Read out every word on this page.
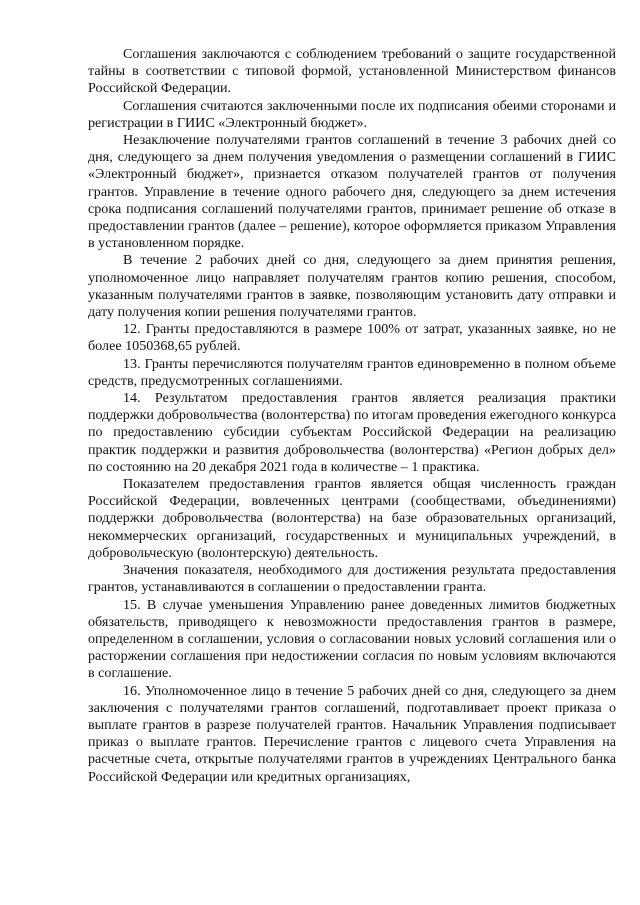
Соглашения заключаются с соблюдением требований о защите государственной тайны в соответствии с типовой формой, установленной Министерством финансов Российской Федерации.

Соглашения считаются заключенными после их подписания обеими сторонами и регистрации в ГИИС «Электронный бюджет».

Незаключение получателями грантов соглашений в течение 3 рабочих дней со дня, следующего за днем получения уведомления о размещении соглашений в ГИИС «Электронный бюджет», признается отказом получателей грантов от получения грантов. Управление в течение одного рабочего дня, следующего за днем истечения срока подписания соглашений получателями грантов, принимает решение об отказе в предоставлении грантов (далее – решение), которое оформляется приказом Управления в установленном порядке.

В течение 2 рабочих дней со дня, следующего за днем принятия решения, уполномоченное лицо направляет получателям грантов копию решения, способом, указанным получателями грантов в заявке, позволяющим установить дату отправки и дату получения копии решения получателями грантов.

12. Гранты предоставляются в размере 100% от затрат, указанных заявке, но не более 1050368,65 рублей.

13. Гранты перечисляются получателям грантов единовременно в полном объеме средств, предусмотренных соглашениями.

14. Результатом предоставления грантов является реализация практики поддержки добровольчества (волонтерства) по итогам проведения ежегодного конкурса по предоставлению субсидии субъектам Российской Федерации на реализацию практик поддержки и развития добровольчества (волонтерства) «Регион добрых дел» по состоянию на 20 декабря 2021 года в количестве – 1 практика.

Показателем предоставления грантов является общая численность граждан Российской Федерации, вовлеченных центрами (сообществами, объединениями) поддержки добровольчества (волонтерства) на базе образовательных организаций, некоммерческих организаций, государственных и муниципальных учреждений, в добровольческую (волонтерскую) деятельность.

Значения показателя, необходимого для достижения результата предоставления грантов, устанавливаются в соглашении о предоставлении гранта.

15. В случае уменьшения Управлению ранее доведенных лимитов бюджетных обязательств, приводящего к невозможности предоставления грантов в размере, определенном в соглашении, условия о согласовании новых условий соглашения или о расторжении соглашения при недостижении согласия по новым условиям включаются в соглашение.

16. Уполномоченное лицо в течение 5 рабочих дней со дня, следующего за днем заключения с получателями грантов соглашений, подготавливает проект приказа о выплате грантов в разрезе получателей грантов. Начальник Управления подписывает приказ о выплате грантов. Перечисление грантов с лицевого счета Управления на расчетные счета, открытые получателями грантов в учреждениях Центрального банка Российской Федерации или кредитных организациях,
